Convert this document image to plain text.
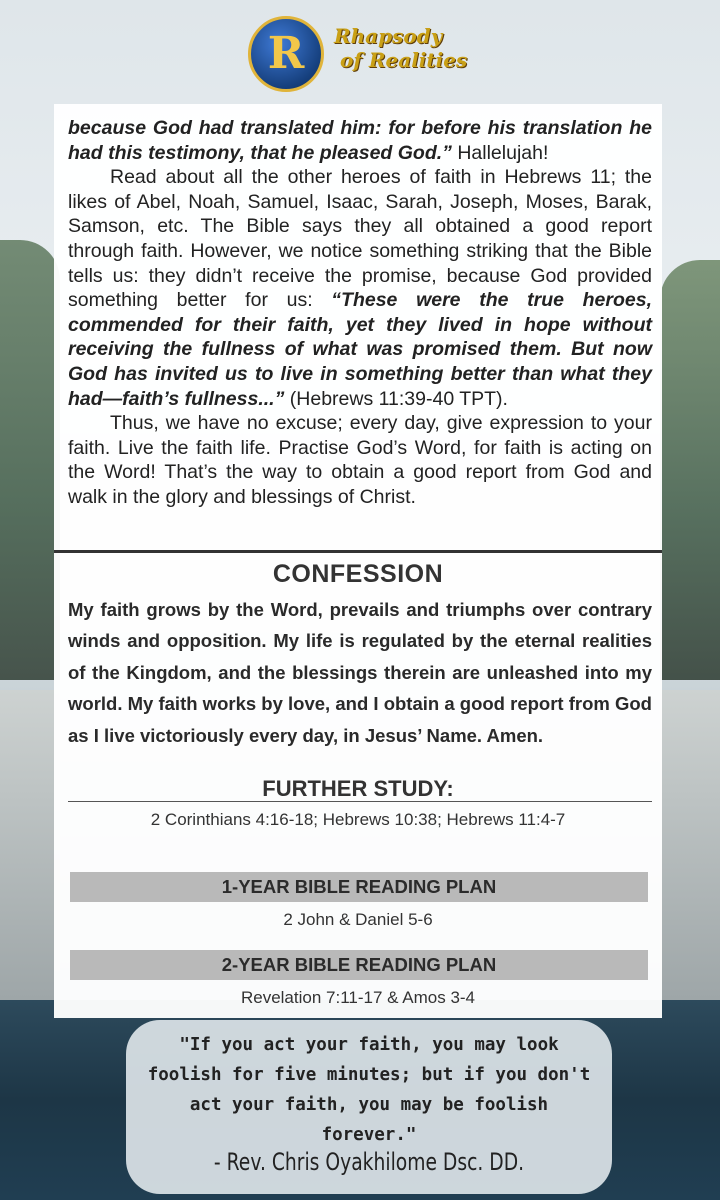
R	Rhapsody
of Realities

because God had translated him: for before his translation he had this testimony, that he pleased God.” Hallelujah!

Read about all the other heroes of faith in Hebrews 11; the likes of Abel, Noah, Samuel, Isaac, Sarah, Joseph, Moses, Barak, Samson, etc. The Bible says they all obtained a good report through faith. However, we notice something striking that the Bible tells us: they didn’t receive the promise, because God provided something better for us: “These were the true heroes, commended for their faith, yet they lived in hope without receiving the fullness of what was promised them. But now God has invited us to live in something better than what they had—faith’s fullness...” (Hebrews 11:39-40 TPT).

Thus, we have no excuse; every day, give expression to your faith. Live the faith life. Practise God’s Word, for faith is acting on the Word! That’s the way to obtain a good report from God and walk in the glory and blessings of Christ.

CONFESSION
My faith grows by the Word, prevails and triumphs over contrary winds and opposition. My life is regulated by the eternal realities of the Kingdom, and the blessings therein are unleashed into my world. My faith works by love, and I obtain a good report from God as I live victoriously every day, in Jesus’ Name. Amen.
FURTHER STUDY:
2 Corinthians 4:16-18; Hebrews 10:38; Hebrews 11:4-7
1-YEAR BIBLE READING PLAN
2 John & Daniel 5-6
2-YEAR BIBLE READING PLAN
Revelation 7:11-17 & Amos 3-4
"If you act your faith, you may look foolish for five minutes; but if you don't act your faith, you may be foolish forever."
- Rev. Chris Oyakhilome Dsc. DD.
